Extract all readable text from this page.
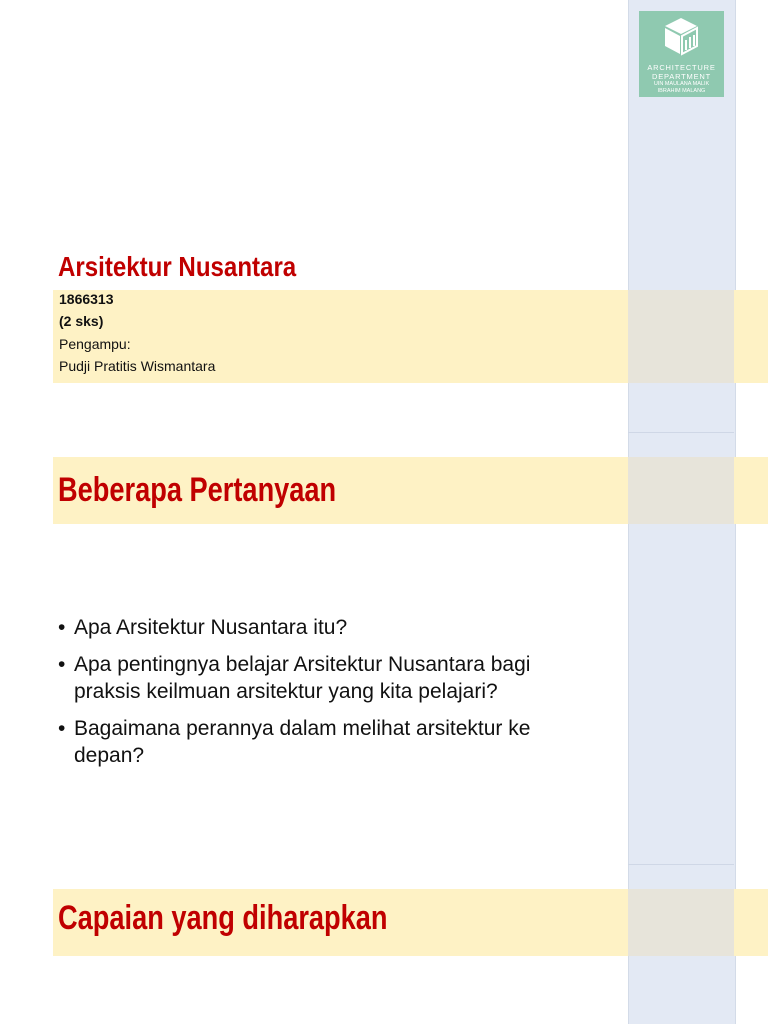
ARCHITECTURE
DEPARTMENT
UIN MAULANA MALIK
IBRAHIM MALANG
Arsitektur Nusantara
1866313
(2 sks)
Pengampu:
Pudji Pratitis Wismantara
Beberapa Pertanyaan
• Apa Arsitektur Nusantara itu?
• Apa pentingnya belajar Arsitektur Nusantara bagi praksis keilmuan arsitektur yang kita pelajari?
• Bagaimana perannya dalam melihat arsitektur ke depan?
Capaian yang diharapkan
